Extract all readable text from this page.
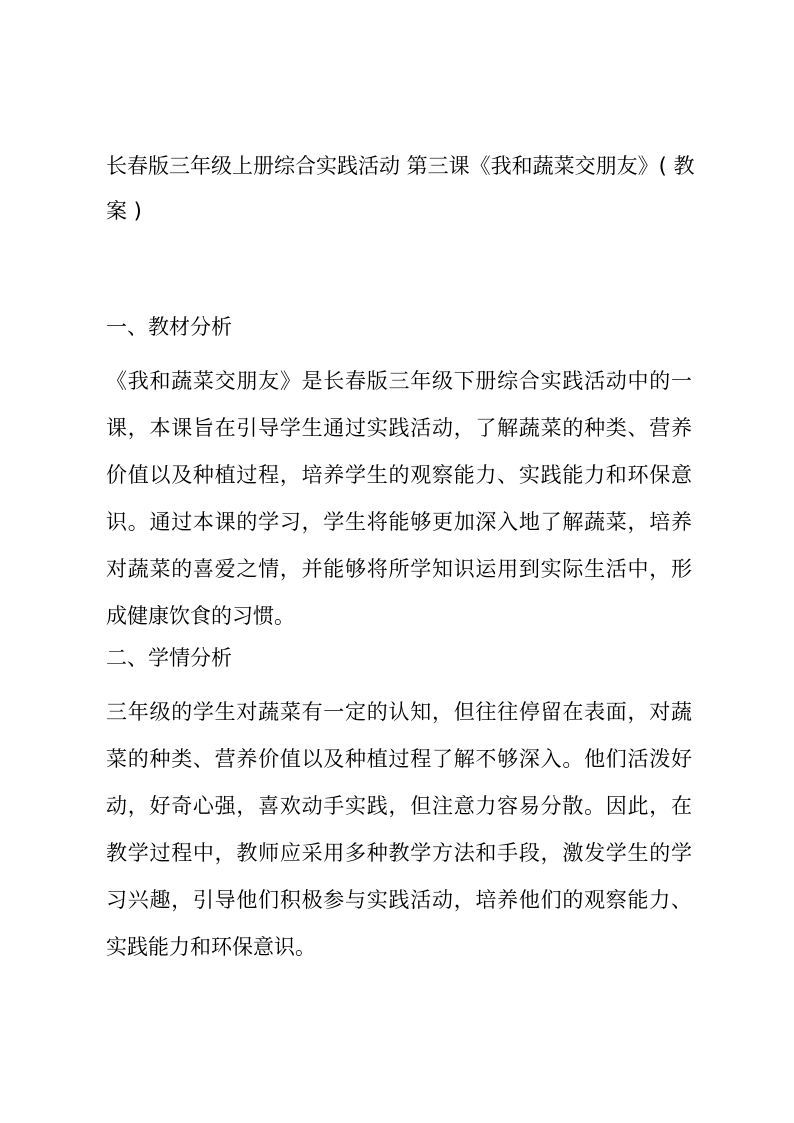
长春版三年级上册综合实践活动 第三课《我和蔬菜交朋友》( 教案 )
一、教材分析

《我和蔬菜交朋友》是长春版三年级下册综合实践活动中的一课，本课旨在引导学生通过实践活动，了解蔬菜的种类、营养价值以及种植过程，培养学生的观察能力、实践能力和环保意识。通过本课的学习，学生将能够更加深入地了解蔬菜，培养对蔬菜的喜爱之情，并能够将所学知识运用到实际生活中，形成健康饮食的习惯。

二、学情分析

三年级的学生对蔬菜有一定的认知，但往往停留在表面，对蔬菜的种类、营养价值以及种植过程了解不够深入。他们活泼好动，好奇心强，喜欢动手实践，但注意力容易分散。因此，在教学过程中，教师应采用多种教学方法和手段，激发学生的学习兴趣，引导他们积极参与实践活动，培养他们的观察能力、实践能力和环保意识。
